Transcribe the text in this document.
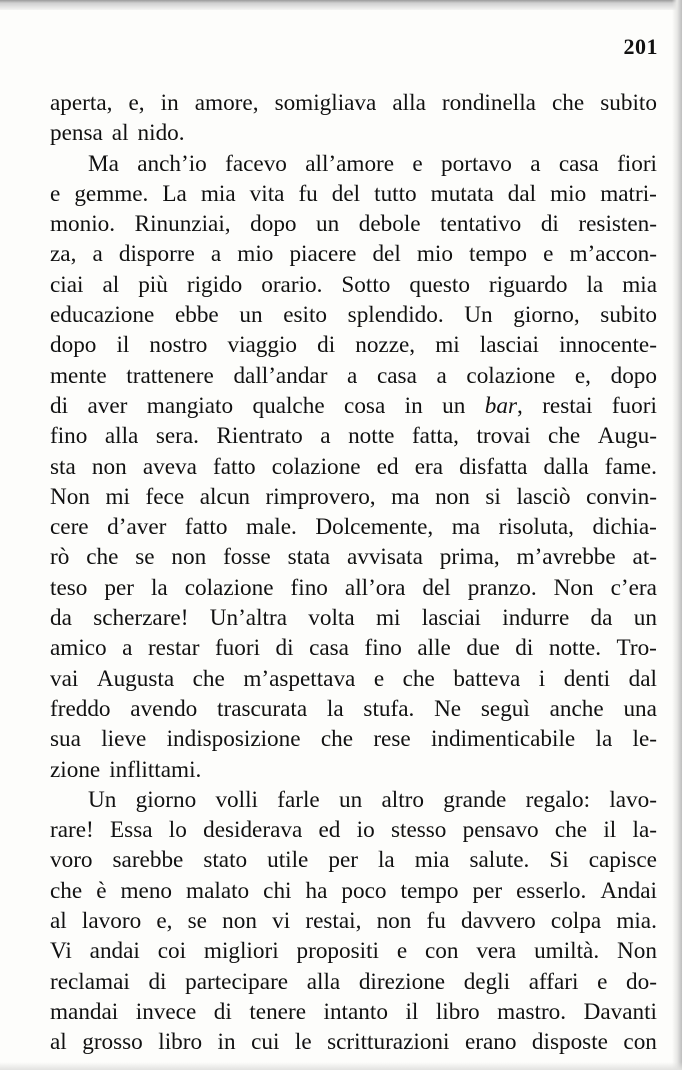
201
aperta, e, in amore, somigliava alla rondinella che subito
pensa al nido.
Ma anch’io facevo all’amore e portavo a casa fiori
e gemme. La mia vita fu del tutto mutata dal mio matri-
monio. Rinunziai, dopo un debole tentativo di resisten-
za, a disporre a mio piacere del mio tempo e m’accon-
ciai al più rigido orario. Sotto questo riguardo la mia
educazione ebbe un esito splendido. Un giorno, subito
dopo il nostro viaggio di nozze, mi lasciai innocente-
mente trattenere dall’andar a casa a colazione e, dopo
di aver mangiato qualche cosa in un bar, restai fuori
fino alla sera. Rientrato a notte fatta, trovai che Augu-
sta non aveva fatto colazione ed era disfatta dalla fame.
Non mi fece alcun rimprovero, ma non si lasciò convin-
cere d’aver fatto male. Dolcemente, ma risoluta, dichia-
rò che se non fosse stata avvisata prima, m’avrebbe at-
teso per la colazione fino all’ora del pranzo. Non c’era
da scherzare! Un’altra volta mi lasciai indurre da un
amico a restar fuori di casa fino alle due di notte. Tro-
vai Augusta che m’aspettava e che batteva i denti dal
freddo avendo trascurata la stufa. Ne seguì anche una
sua lieve indisposizione che rese indimenticabile la le-
zione inflittami.
Un giorno volli farle un altro grande regalo: lavo-
rare! Essa lo desiderava ed io stesso pensavo che il la-
voro sarebbe stato utile per la mia salute. Si capisce
che è meno malato chi ha poco tempo per esserlo. Andai
al lavoro e, se non vi restai, non fu davvero colpa mia.
Vi andai coi migliori propositi e con vera umiltà. Non
reclamai di partecipare alla direzione degli affari e do-
mandai invece di tenere intanto il libro mastro. Davanti
al grosso libro in cui le scritturazioni erano disposte con
